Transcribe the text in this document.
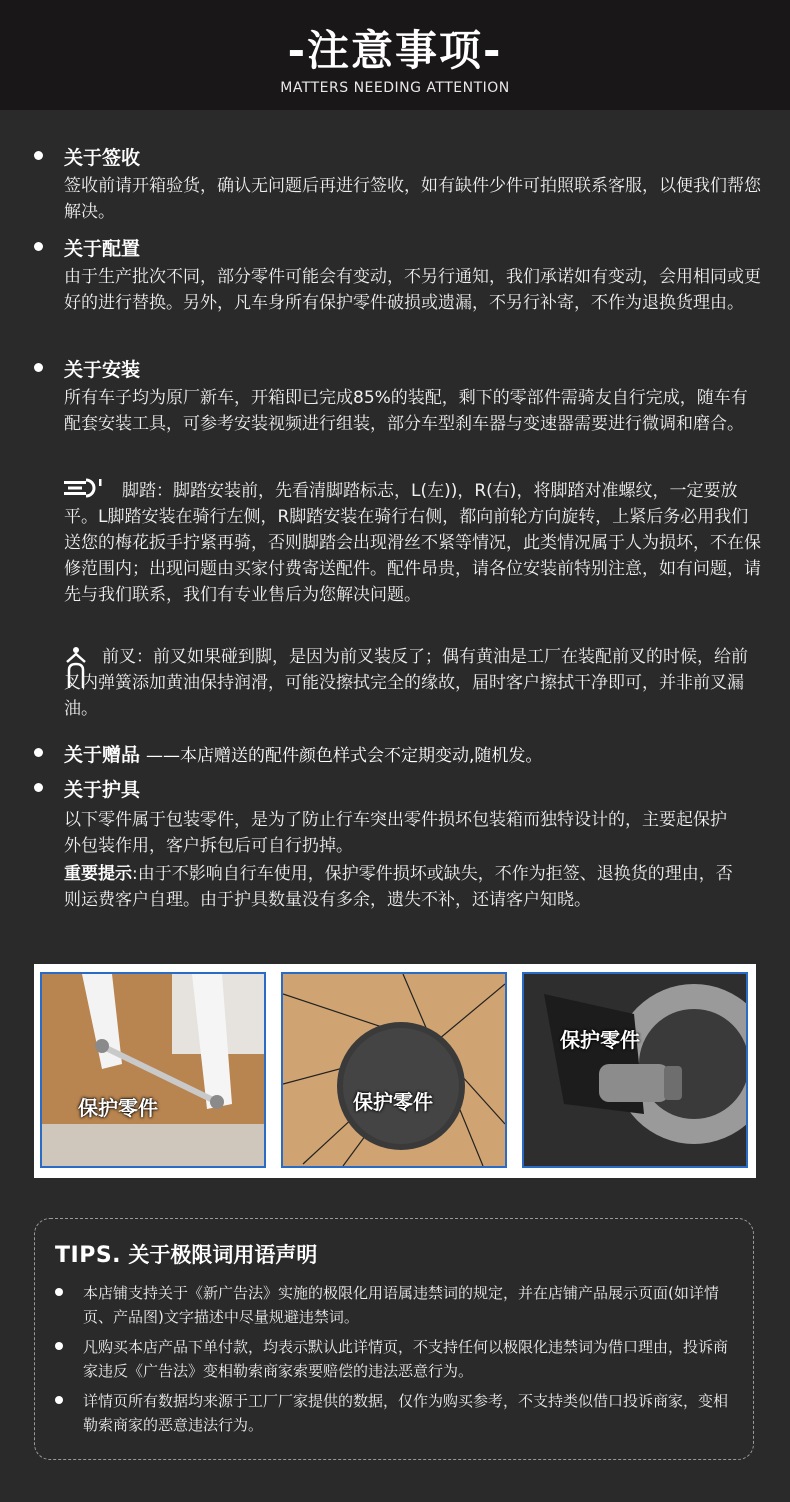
-注意事项-
MATTERS NEEDING ATTENTION
关于签收
签收前请开箱验货，确认无问题后再进行签收，如有缺件少件可拍照联系客服，以便我们帮您解决。
关于配置
由于生产批次不同，部分零件可能会有变动，不另行通知，我们承诺如有变动，会用相同或更好的进行替换。另外，凡车身所有保护零件破损或遗漏，不另行补寄，不作为退换货理由。
关于安装
所有车子均为原厂新车，开箱即已完成85%的装配，剩下的零部件需骑友自行完成，随车有配套安装工具，可参考安装视频进行组装，部分车型刹车器与变速器需要进行微调和磨合。
脚踏：脚踏安装前，先看清脚踏标志，L(左))，R(右)，将脚踏对准螺纹，一定要放平。L脚踏安装在骑行左侧，R脚踏安装在骑行右侧，都向前轮方向旋转，上紧后务必用我们送您的梅花扳手拧紧再骑，否则脚踏会出现滑丝不紧等情况，此类情况属于人为损坏，不在保修范围内；出现问题由买家付费寄送配件。配件昂贵，请各位安装前特别注意，如有问题，请先与我们联系，我们有专业售后为您解决问题。
前叉：前叉如果碰到脚，是因为前叉装反了；偶有黄油是工厂在装配前叉的时候，给前叉内弹簧添加黄油保持润滑，可能没擦拭完全的缘故，届时客户擦拭干净即可，并非前叉漏油。
关于赠品 ——本店赠送的配件颜色样式会不定期变动,随机发。
关于护具
以下零件属于包装零件，是为了防止行车突出零件损坏包装箱而独特设计的，主要起保护外包装作用，客户拆包后可自行扔掉。
重要提示:由于不影响自行车使用，保护零件损坏或缺失，不作为拒签、退换货的理由，否则运费客户自理。由于护具数量没有多余，遗失不补，还请客户知晓。
保护零件	保护零件
保护零件
TIPS. 关于极限词用语声明
本店铺支持关于《新广告法》实施的极限化用语属违禁词的规定，并在店铺产品展示页面(如详情页、产品图)文字描述中尽量规避违禁词。
凡购买本店产品下单付款，均表示默认此详情页，不支持任何以极限化违禁词为借口理由，投诉商家违反《广告法》变相勒索商家索要赔偿的违法恶意行为。
详情页所有数据均来源于工厂厂家提供的数据，仅作为购买参考，不支持类似借口投诉商家，变相勒索商家的恶意违法行为。
